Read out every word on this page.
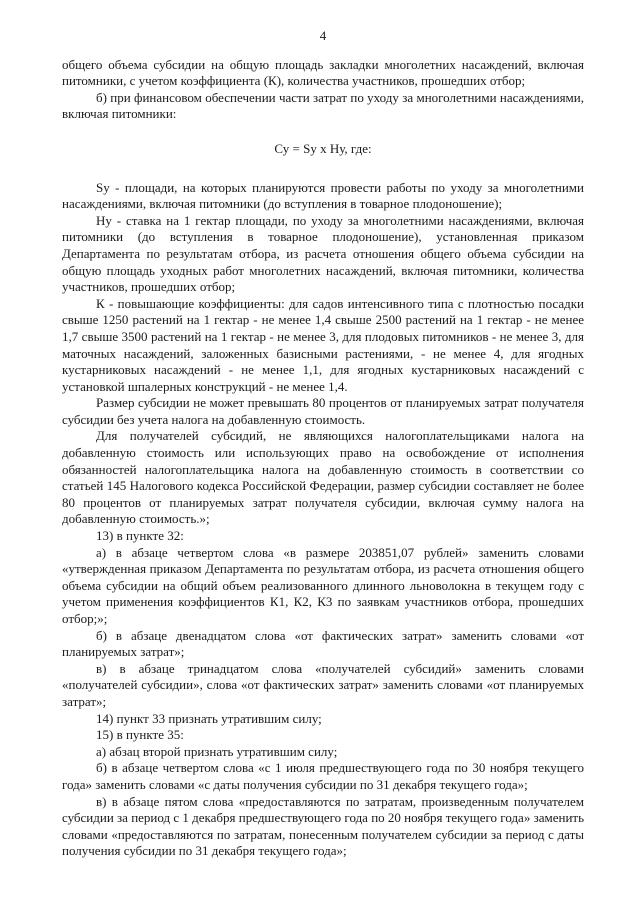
4

общего объема субсидии на общую площадь закладки многолетних насаждений, включая питомники, с учетом коэффициента (К), количества участников, прошедших отбор;

б) при финансовом обеспечении части затрат по уходу за многолетними насаждениями, включая питомники:

Су = Sу х Hу, где:

Sу - площади, на которых планируются провести работы по уходу за многолетними насаждениями, включая питомники (до вступления в товарное плодоношение);

Hу - ставка на 1 гектар площади, по уходу за многолетними насаждениями, включая питомники (до вступления в товарное плодоношение), установленная приказом Департамента по результатам отбора, из расчета отношения общего объема субсидии на общую площадь уходных работ многолетних насаждений, включая питомники, количества участников, прошедших отбор;

К - повышающие коэффициенты: для садов интенсивного типа с плотностью посадки свыше 1250 растений на 1 гектар - не менее 1,4 свыше 2500 растений на 1 гектар - не менее 1,7 свыше 3500 растений на 1 гектар - не менее 3, для плодовых питомников - не менее 3, для маточных насаждений, заложенных базисными растениями, - не менее 4, для ягодных кустарниковых насаждений - не менее 1,1, для ягодных кустарниковых насаждений с установкой шпалерных конструкций - не менее 1,4.

Размер субсидии не может превышать 80 процентов от планируемых затрат получателя субсидии без учета налога на добавленную стоимость.

Для получателей субсидий, не являющихся налогоплательщиками налога на добавленную стоимость или использующих право на освобождение от исполнения обязанностей налогоплательщика налога на добавленную стоимость в соответствии со статьей 145 Налогового кодекса Российской Федерации, размер субсидии составляет не более 80 процентов от планируемых затрат получателя субсидии, включая сумму налога на добавленную стоимость.»;

13) в пункте 32:

а) в абзаце четвертом слова «в размере 203851,07 рублей» заменить словами «утвержденная приказом Департамента по результатам отбора, из расчета отношения общего объема субсидии на общий объем реализованного длинного льноволокна в текущем году с учетом применения коэффициентов К1, К2, К3 по заявкам участников отбора, прошедших отбор;»;

б) в абзаце двенадцатом слова «от фактических затрат» заменить словами «от планируемых затрат»;

в) в абзаце тринадцатом слова «получателей субсидий» заменить словами «получателей субсидии», слова «от фактических затрат» заменить словами «от планируемых затрат»;

14) пункт 33 признать утратившим силу;

15) в пункте 35:

а) абзац второй признать утратившим силу;

б) в абзаце четвертом слова «с 1 июля предшествующего года по 30 ноября текущего года» заменить словами «с даты получения субсидии по 31 декабря текущего года»;

в) в абзаце пятом слова «предоставляются по затратам, произведенным получателем субсидии за период с 1 декабря предшествующего года по 20 ноября текущего года» заменить словами «предоставляются по затратам, понесенным получателем субсидии за период с даты получения субсидии по 31 декабря текущего года»;
